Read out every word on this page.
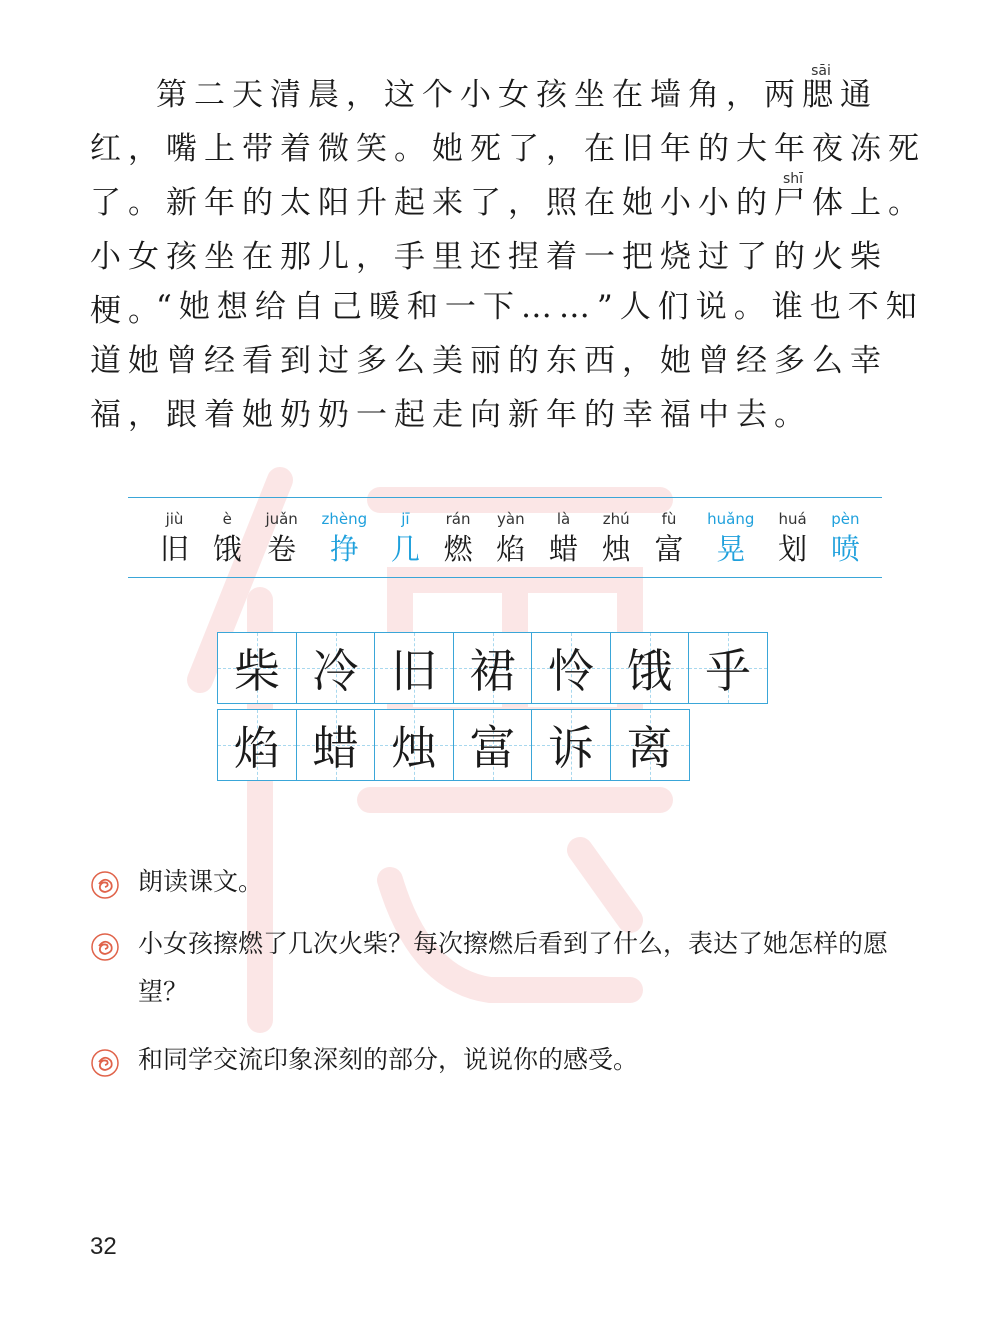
第二天清晨，这个小女孩坐在墙角，两
sāi
腮通红，嘴上带着微笑。她死了，在旧年的大年夜冻死了。新年的太阳升起来了，照在她小小的
shī
尸体上。小女孩坐在那儿，手里还捏着一把烧过了的火柴梗。
“她想给自己暖和一下……”人们说。谁也不知道她曾经看到过多么美丽的东西，她曾经多么幸福，跟着她奶奶一起走向新年的幸福中去。
jiù
旧
è
饿
juǎn
卷
zhèng
挣
jī
几
rán
燃
yàn
焰
là
蜡
zhú
烛
fù
富
huǎng
晃
huá
划
pèn
喷
柴 冷 旧 裙 怜 饿 乎
焰 蜡 烛 富 诉 离
朗读课文。
小女孩擦燃了几次火柴？每次擦燃后看到了什么，表达了她怎样的愿望？
和同学交流印象深刻的部分，说说你的感受。
32
